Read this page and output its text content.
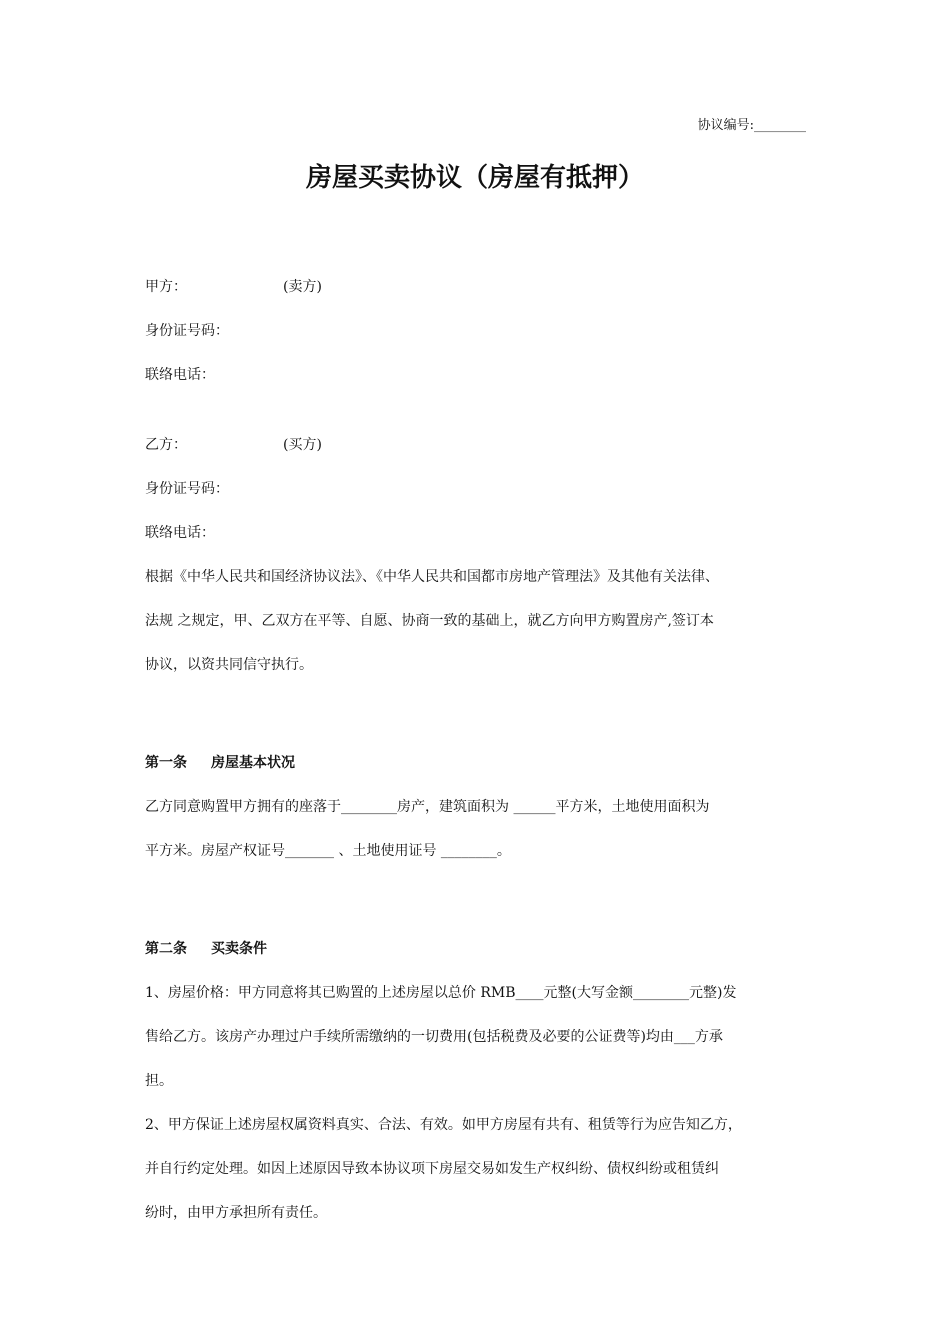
协议编号:________
房屋买卖协议（房屋有抵押）
甲方：	(卖方)
身份证号码：
联络电话：
乙方：	(买方)
身份证号码：
联络电话：
根据《中华人民共和国经济协议法》、《中华人民共和国都市房地产管理法》及其他有关法律、
法规 之规定，甲、乙双方在平等、自愿、协商一致的基础上，就乙方向甲方购置房产,签订本
协议，以资共同信守执行。
第一条 房屋基本状况
乙方同意购置甲方拥有的座落于________房产，建筑面积为 ______平方米，土地使用面积为
平方米。房屋产权证号_______ 、土地使用证号 ________。
第二条 买卖条件
1、房屋价格：甲方同意将其已购置的上述房屋以总价 RMB____元整(大写金额________元整)发
售给乙方。该房产办理过户手续所需缴纳的一切费用(包括税费及必要的公证费等)均由___方承
担。
2、甲方保证上述房屋权属资料真实、合法、有效。如甲方房屋有共有、租赁等行为应告知乙方，
并自行约定处理。如因上述原因导致本协议项下房屋交易如发生产权纠纷、债权纠纷或租赁纠
纷时，由甲方承担所有责任。
